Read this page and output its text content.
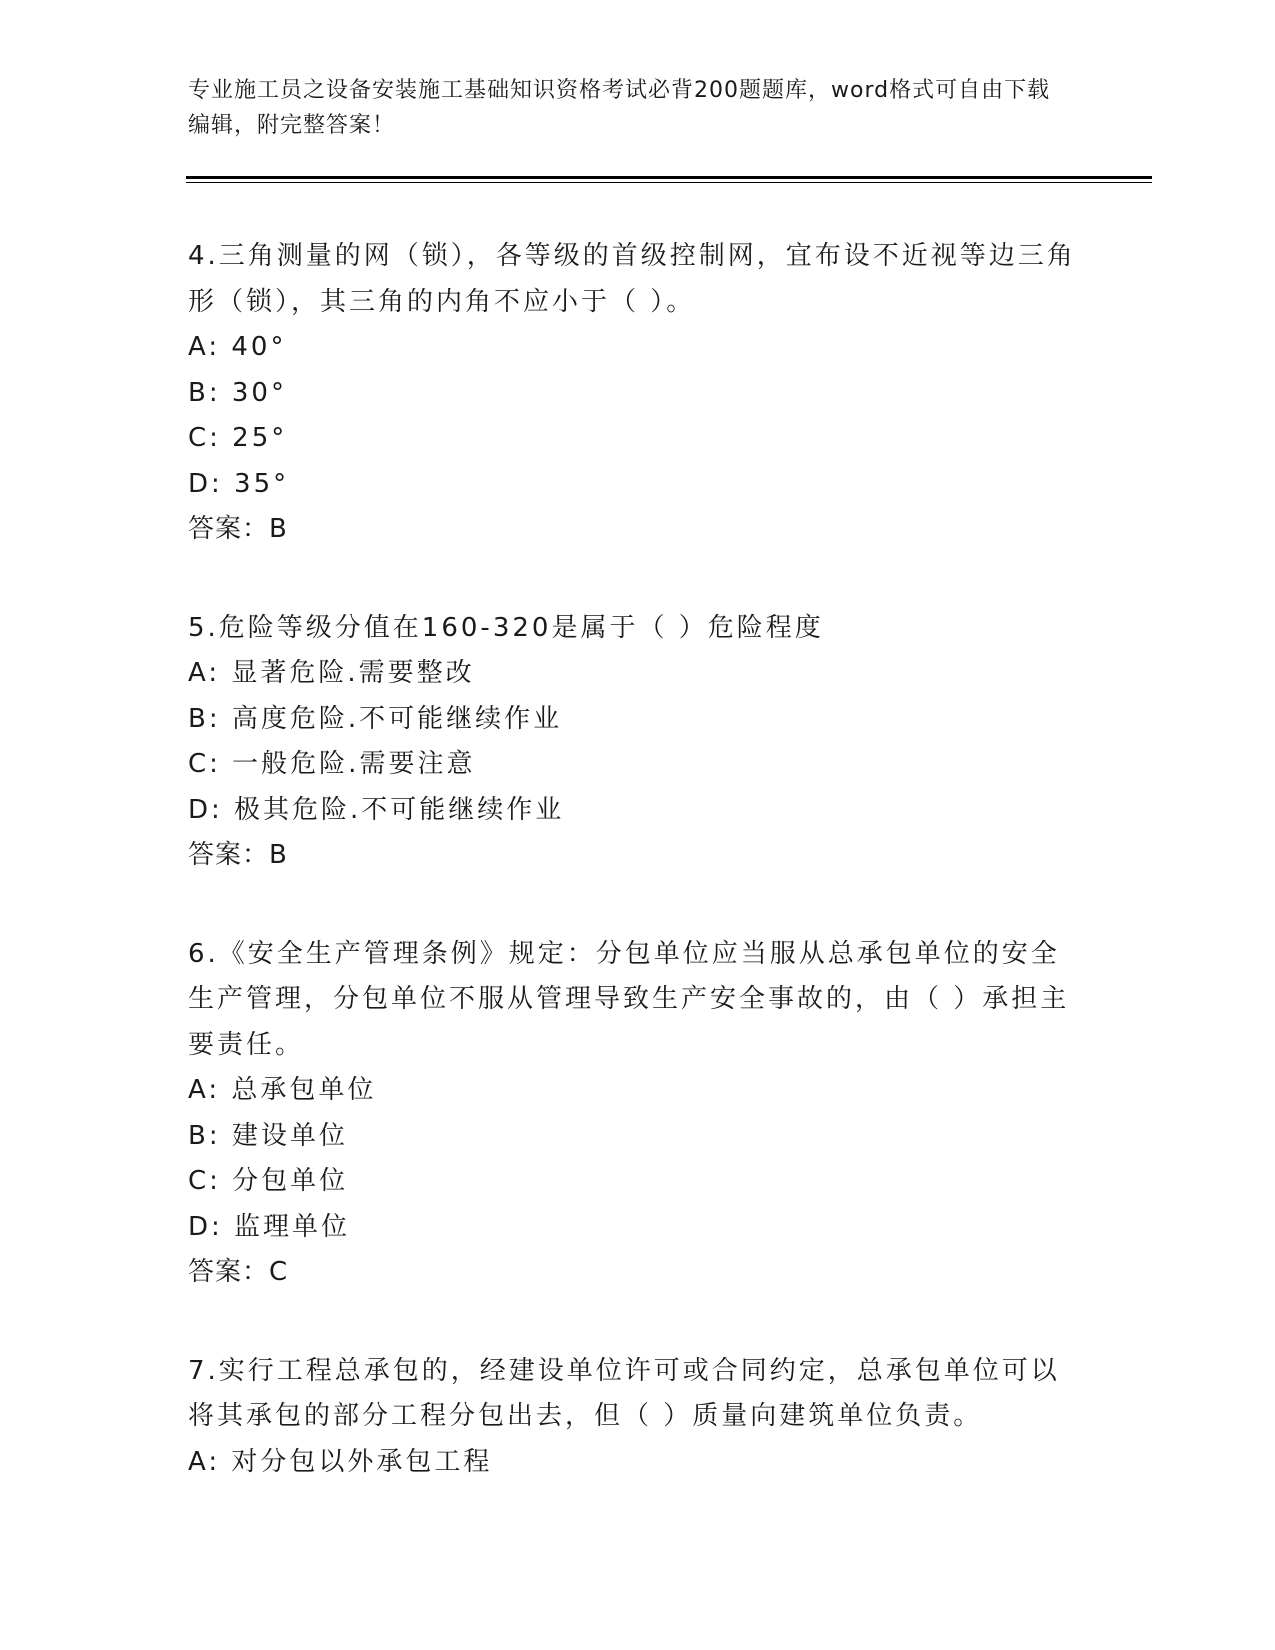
专业施工员之设备安装施工基础知识资格考试必背200题题库，word格式可自由下载编辑，附完整答案！

4.三角测量的网（锁），各等级的首级控制网，宜布设不近视等边三角形（锁），其三角的内角不应小于（ ）。

A: 40°

B: 30°

C: 25°

D: 35°

答案：B

5.危险等级分值在160-320是属于（ ）危险程度

A: 显著危险.需要整改

B: 高度危险.不可能继续作业

C: 一般危险.需要注意

D: 极其危险.不可能继续作业

答案：B

6.《安全生产管理条例》规定：分包单位应当服从总承包单位的安全生产管理，分包单位不服从管理导致生产安全事故的，由（ ）承担主要责任。

A: 总承包单位

B: 建设单位

C: 分包单位

D: 监理单位

答案：C

7.实行工程总承包的，经建设单位许可或合同约定，总承包单位可以将其承包的部分工程分包出去，但（ ）质量向建筑单位负责。

A: 对分包以外承包工程
